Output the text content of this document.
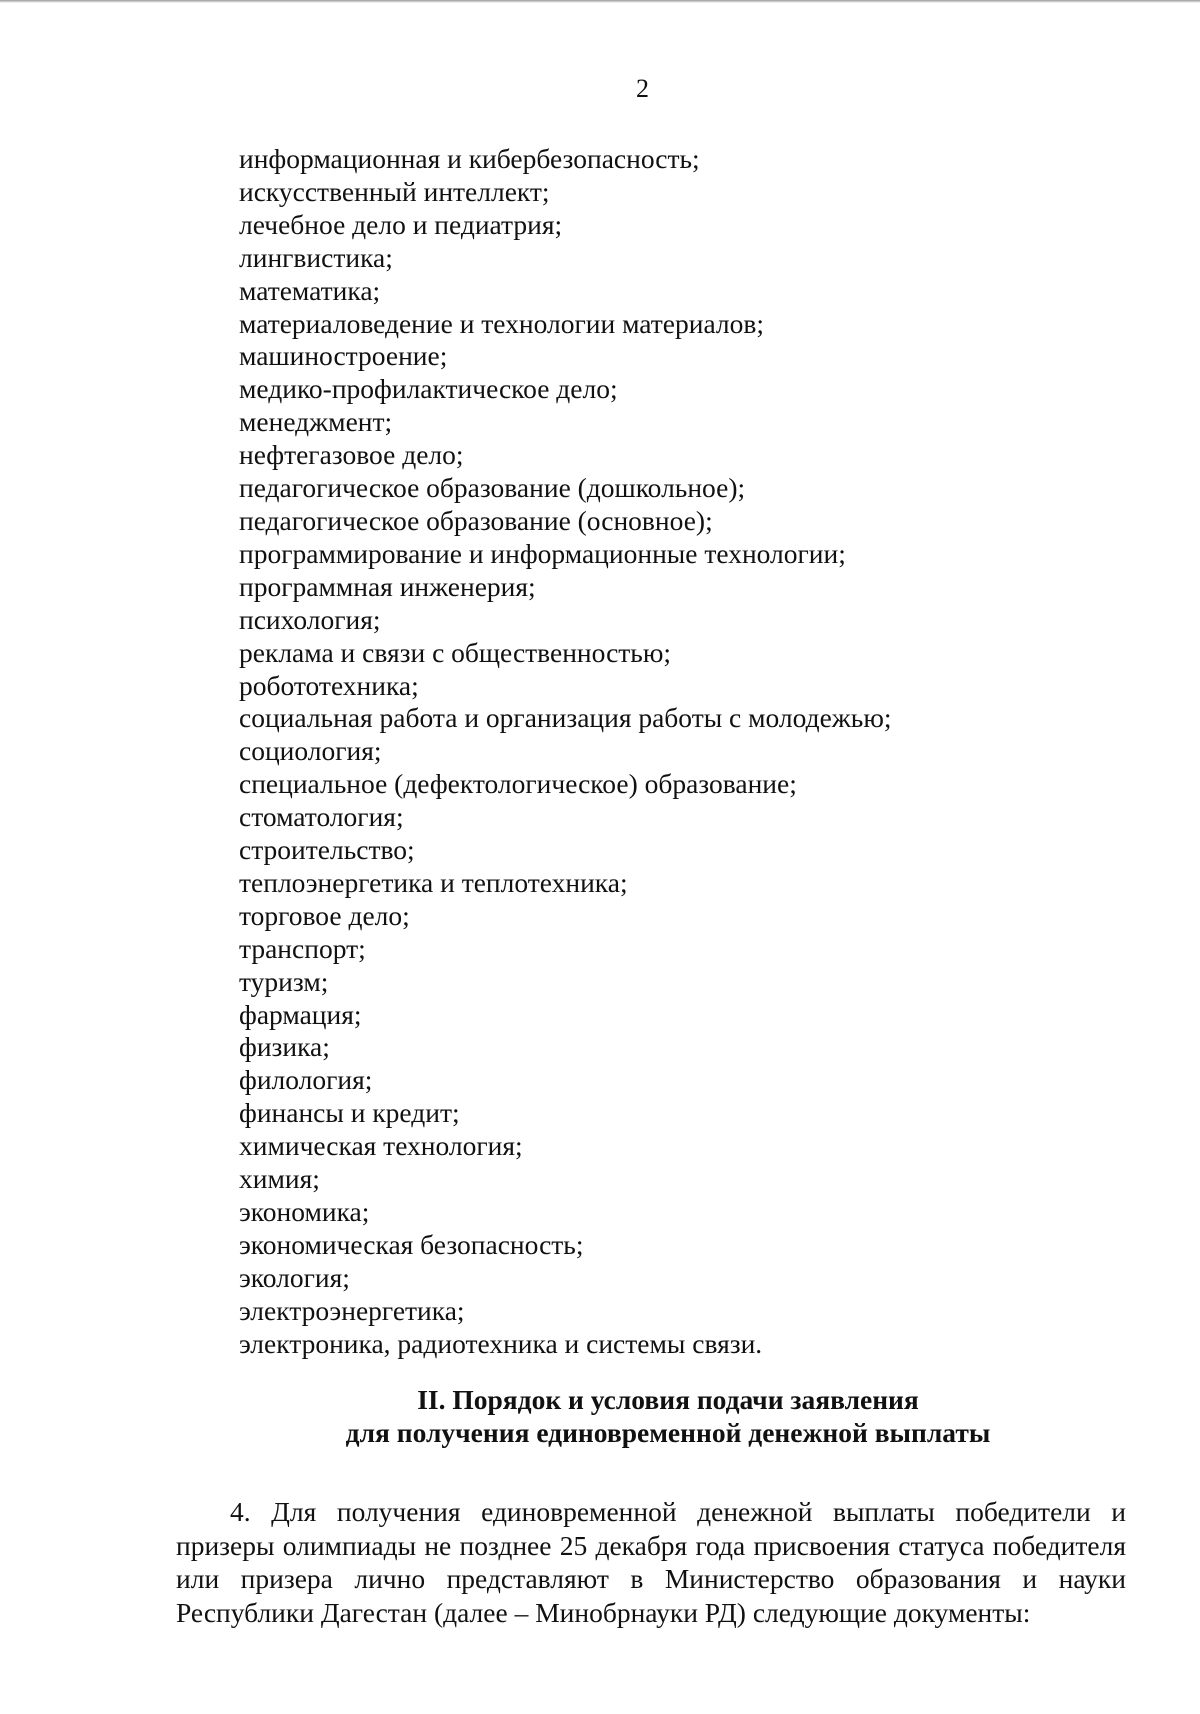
2
информационная и кибербезопасность;
искусственный интеллект;
лечебное дело и педиатрия;
лингвистика;
математика;
материаловедение и технологии материалов;
машиностроение;
медико-профилактическое дело;
менеджмент;
нефтегазовое дело;
педагогическое образование (дошкольное);
педагогическое образование (основное);
программирование и информационные технологии;
программная инженерия;
психология;
реклама и связи с общественностью;
робототехника;
социальная работа и организация работы с молодежью;
социология;
специальное (дефектологическое) образование;
стоматология;
строительство;
теплоэнергетика и теплотехника;
торговое дело;
транспорт;
туризм;
фармация;
физика;
филология;
финансы и кредит;
химическая технология;
химия;
экономика;
экономическая безопасность;
экология;
электроэнергетика;
электроника, радиотехника и системы связи.
II. Порядок и условия подачи заявления
для получения единовременной денежной выплаты

4. Для получения единовременной денежной выплаты победители и призеры олимпиады не позднее 25 декабря года присвоения статуса победителя или призера лично представляют в Министерство образования и науки Республики Дагестан (далее – Минобрнауки РД) следующие документы:
